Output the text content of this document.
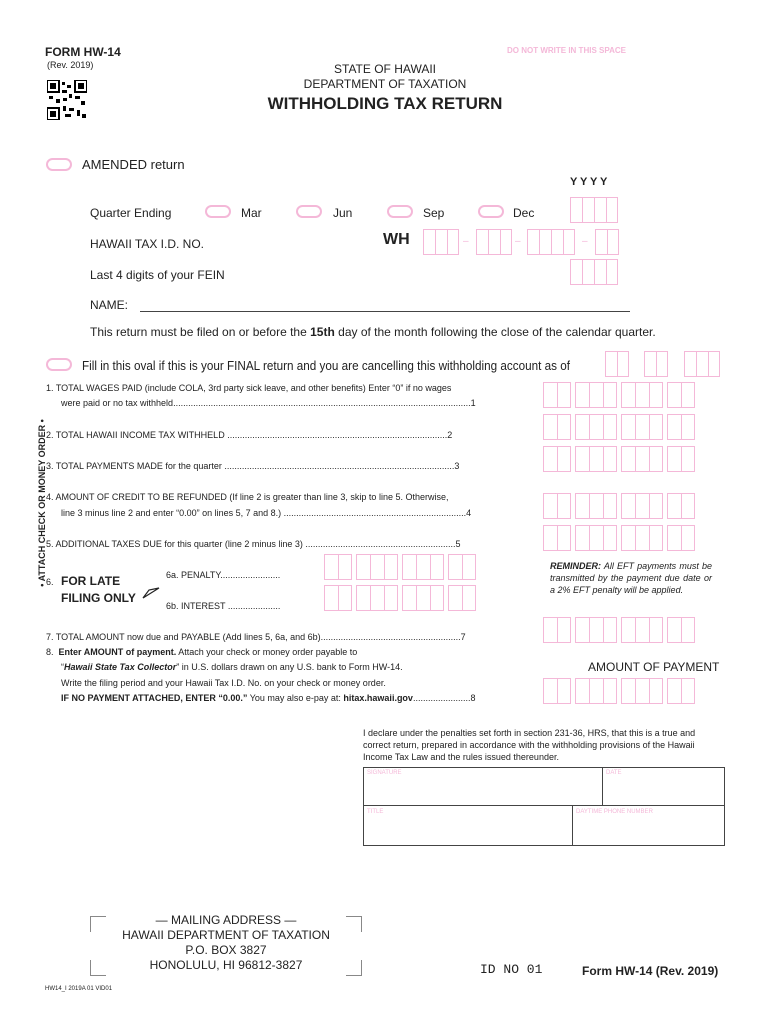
FORM HW-14
(Rev. 2019)
DO NOT WRITE IN THIS SPACE
STATE OF HAWAII
DEPARTMENT OF TAXATION
WITHHOLDING TAX RETURN
AMENDED return
Y Y Y Y
Quarter Ending	Mar	Jun	Sep	Dec
HAWAII TAX I.D. NO.	WH	–	–	–
Last 4 digits of your FEIN
NAME:
This return must be filed on or before the 15th day of the month following the close of the calendar quarter.
Fill in this oval if this is your FINAL return and you are cancelling this withholding account as of
• ATTACH CHECK OR MONEY ORDER •
1. TOTAL WAGES PAID (include COLA, 3rd party sick leave, and other benefits) Enter “0” if no wages
were paid or no tax withheld.......................................................................................................................1
2. TOTAL HAWAII INCOME TAX WITHHELD ........................................................................................2
3. TOTAL PAYMENTS MADE for the quarter ............................................................................................3
4. AMOUNT OF CREDIT TO BE REFUNDED (If line 2 is greater than line 3, skip to line 5. Otherwise,
line 3 minus line 2 and enter “0.00” on lines 5, 7 and 8.) .........................................................................4
5. ADDITIONAL TAXES DUE for this quarter (line 2 minus line 3) ............................................................5
6. FOR LATE
FILING ONLY
6a. PENALTY........................
6b. INTEREST .....................
REMINDER: All EFT payments must be transmitted by the payment due date or a 2% EFT penalty will be applied.
7. TOTAL AMOUNT now due and PAYABLE (Add lines 5, 6a, and 6b)........................................................7
8. Enter AMOUNT of payment. Attach your check or money order payable to
“Hawaii State Tax Collector” in U.S. dollars drawn on any U.S. bank to Form HW-14.
Write the filing period and your Hawaii Tax I.D. No. on your check or money order.
IF NO PAYMENT ATTACHED, ENTER “0.00.” You may also e-pay at: hitax.hawaii.gov.......................8
AMOUNT OF PAYMENT
I declare under the penalties set forth in section 231-36, HRS, that this is a true and correct return, prepared in accordance with the withholding provisions of the Hawaii Income Tax Law and the rules issued thereunder.
SIGNATURE	DATE
TITLE	DAYTIME PHONE NUMBER
— MAILING ADDRESS —
HAWAII DEPARTMENT OF TAXATION
P.O. BOX 3827
HONOLULU, HI 96812-3827	ID NO 01	Form HW-14 (Rev. 2019)
HW14_I 2019A 01 VID01
